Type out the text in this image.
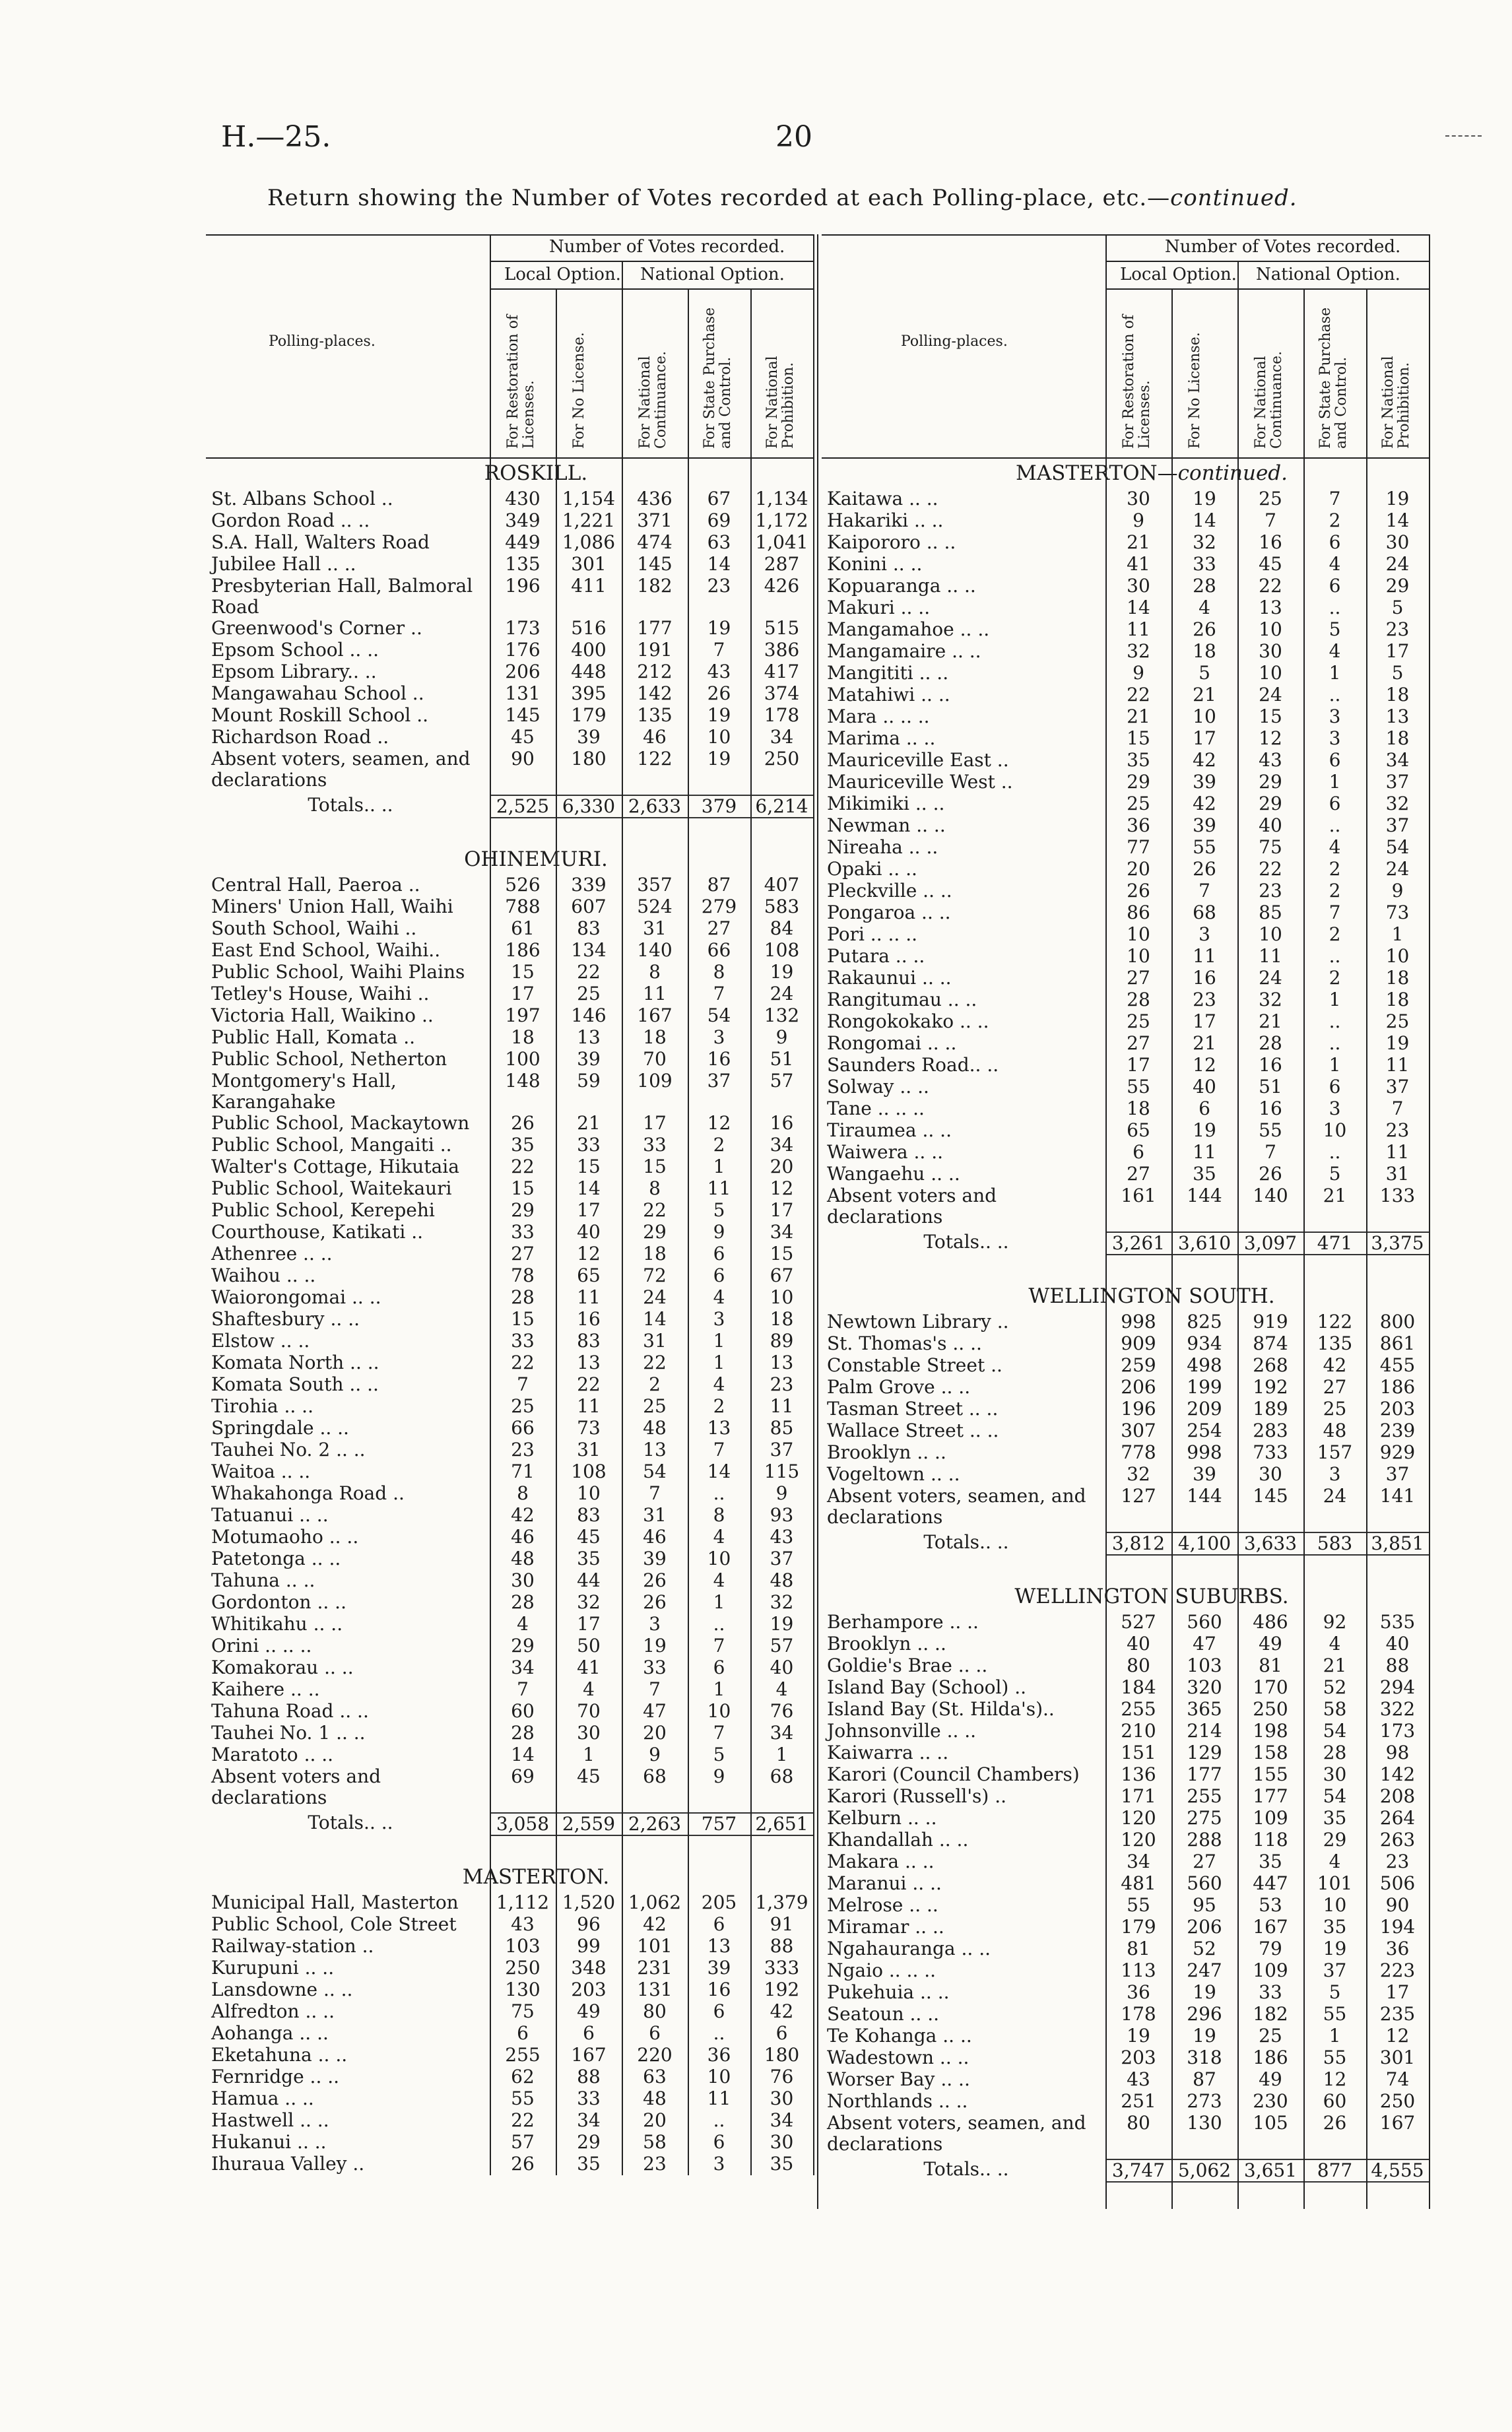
H.—25.	20
Return showing the Number of Votes recorded at each Polling-place, etc.—continued.
Number of Votes recorded.
Local Option. National Option.
Polling-places.	For Restoration of Licenses. For No License.	For National Continuance. For State Purchase and Control. For National Prohibition.
ROSKILL.
St. Albans School ..	430	1,154	436	67	1,134
Gordon Road .. ..	349	1,221	371	69	1,172
S.A. Hall, Walters Road	449	1,086	474	63	1,041
Jubilee Hall .. ..	135	301	145	14	287
Presbyterian Hall, Balmoral Road
196	411	182	23	426
Greenwood's Corner ..	173	516	177	19	515
Epsom School .. ..	176	400	191	7	386
Epsom Library.. ..	206	448	212	43	417
Mangawahau School ..	131	395	142	26	374
Mount Roskill School ..	145	179	135	19	178
Richardson Road ..	45	39	46	10	34
Absent voters, seamen, and declarations
90	180	122	19	250
Totals.. ..	2,525 6,330 2,633	379	6,214
OHINEMURI.
Central Hall, Paeroa ..	526	339	357	87	407
Miners' Union Hall, Waihi	788	607	524	279	583
South School, Waihi ..	61	83	31	27	84
East End School, Waihi..	186	134	140	66	108
Public School, Waihi Plains	15	22	8	8	19
Tetley's House, Waihi ..	17	25	11	7	24
Victoria Hall, Waikino ..	197	146	167	54	132
Public Hall, Komata ..	18	13	18	3	9
Public School, Netherton	100	39	70	16	51
Montgomery's Hall, Karangahake
148	59	109	37	57
Public School, Mackaytown	26	21	17	12	16
Public School, Mangaiti ..	35	33	33	2	34
Walter's Cottage, Hikutaia	22	15	15	1	20
Public School, Waitekauri	15	14	8	11	12
Public School, Kerepehi	29	17	22	5	17
Courthouse, Katikati ..	33	40	29	9	34
Athenree .. ..	27	12	18	6	15
Waihou .. ..	78	65	72	6	67
Waiorongomai .. ..	28	11	24	4	10
Shaftesbury .. ..	15	16	14	3	18
Elstow .. ..	33	83	31	1	89
Komata North .. ..	22	13	22	1	13
Komata South .. ..	7	22	2	4	23
Tirohia .. ..	25	11	25	2	11
Springdale .. ..	66	73	48	13	85
Tauhei No. 2 .. ..	23	31	13	7	37
Waitoa .. ..	71	108	54	14	115
Whakahonga Road ..	8	10	7	..	9
Tatuanui .. ..	42	83	31	8	93
Motumaoho .. ..	46	45	46	4	43
Patetonga .. ..	48	35	39	10	37
Tahuna .. ..	30	44	26	4	48
Gordonton .. ..	28	32	26	1	32
Whitikahu .. ..	4	17	3	..	19
Orini .. .. ..	29	50	19	7	57
Komakorau .. ..	34	41	33	6	40
Kaihere .. ..	7	4	7	1	4
Tahuna Road .. ..	60	70	47	10	76
Tauhei No. 1 .. ..	28	30	20	7	34
Maratoto .. ..	14	1	9	5	1
Absent voters and declarations
69	45	68	9	68
Totals.. ..	3,058 2,559 2,263	757	2,651
MASTERTON.
Municipal Hall, Masterton	1,112 1,520 1,062	205	1,379
Public School, Cole Street	43	96	42	6	91
Railway-station ..	103	99	101	13	88
Kurupuni .. ..	250	348	231	39	333
Lansdowne .. ..	130	203	131	16	192
Alfredton .. ..	75	49	80	6	42
Aohanga .. ..	6	6	6	..	6
Eketahuna .. ..	255	167	220	36	180
Fernridge .. ..	62	88	63	10	76
Hamua .. ..	55	33	48	11	30
Hastwell .. ..	22	34	20	..	34
Hukanui .. ..	57	29	58	6	30
Ihuraua Valley ..	26	35	23	3	35
Number of Votes recorded.
Local Option. National Option.
Polling-places.	For Restoration of Licenses. For No License.	For National Continuance. For State Purchase and Control. For National Prohibition.
MASTERTON—continued.
Kaitawa .. ..	30	19	25	7	19
Hakariki .. ..	9	14	7	2	14
Kaipororo .. ..	21	32	16	6	30
Konini .. ..	41	33	45	4	24
Kopuaranga .. ..	30	28	22	6	29
Makuri .. ..	14	4	13	..	5
Mangamahoe .. ..	11	26	10	5	23
Mangamaire .. ..	32	18	30	4	17
Mangititi .. ..	9	5	10	1	5
Matahiwi .. ..	22	21	24	..	18
Mara .. .. ..	21	10	15	3	13
Marima .. ..	15	17	12	3	18
Mauriceville East ..	35	42	43	6	34
Mauriceville West ..	29	39	29	1	37
Mikimiki .. ..	25	42	29	6	32
Newman .. ..	36	39	40	..	37
Nireaha .. ..	77	55	75	4	54
Opaki .. ..	20	26	22	2	24
Pleckville .. ..	26	7	23	2	9
Pongaroa .. ..	86	68	85	7	73
Pori .. .. ..	10	3	10	2	1
Putara .. ..	10	11	11	..	10
Rakaunui .. ..	27	16	24	2	18
Rangitumau .. ..	28	23	32	1	18
Rongokokako .. ..	25	17	21	..	25
Rongomai .. ..	27	21	28	..	19
Saunders Road.. ..	17	12	16	1	11
Solway .. ..	55	40	51	6	37
Tane .. .. ..	18	6	16	3	7
Tiraumea .. ..	65	19	55	10	23
Waiwera .. ..	6	11	7	..	11
Wangaehu .. ..	27	35	26	5	31
Absent voters and declarations
161	144	140	21	133
Totals.. ..	3,261 3,610 3,097	471	3,375
WELLINGTON SOUTH.
Newtown Library ..	998	825	919	122	800
St. Thomas's .. ..	909	934	874	135	861
Constable Street ..	259	498	268	42	455
Palm Grove .. ..	206	199	192	27	186
Tasman Street .. ..	196	209	189	25	203
Wallace Street .. ..	307	254	283	48	239
Brooklyn .. ..	778	998	733	157	929
Vogeltown .. ..	32	39	30	3	37
Absent voters, seamen, and declarations
127	144	145	24	141
Totals.. ..	3,812 4,100 3,633	583	3,851
WELLINGTON SUBURBS.
Berhampore .. ..	527	560	486	92	535
Brooklyn .. ..	40	47	49	4	40
Goldie's Brae .. ..	80	103	81	21	88
Island Bay (School) ..	184	320	170	52	294
Island Bay (St. Hilda's)..	255	365	250	58	322
Johnsonville .. ..	210	214	198	54	173
Kaiwarra .. ..	151	129	158	28	98
Karori (Council Chambers)	136	177	155	30	142
Karori (Russell's) ..	171	255	177	54	208
Kelburn .. ..	120	275	109	35	264
Khandallah .. ..	120	288	118	29	263
Makara .. ..	34	27	35	4	23
Maranui .. ..	481	560	447	101	506
Melrose .. ..	55	95	53	10	90
Miramar .. ..	179	206	167	35	194
Ngahauranga .. ..	81	52	79	19	36
Ngaio .. .. ..	113	247	109	37	223
Pukehuia .. ..	36	19	33	5	17
Seatoun .. ..	178	296	182	55	235
Te Kohanga .. ..	19	19	25	1	12
Wadestown .. ..	203	318	186	55	301
Worser Bay .. ..	43	87	49	12	74
Northlands .. ..	251	273	230	60	250
Absent voters, seamen, and declarations
80	130	105	26	167
Totals.. ..	3,747 5,062 3,651	877	4,555
